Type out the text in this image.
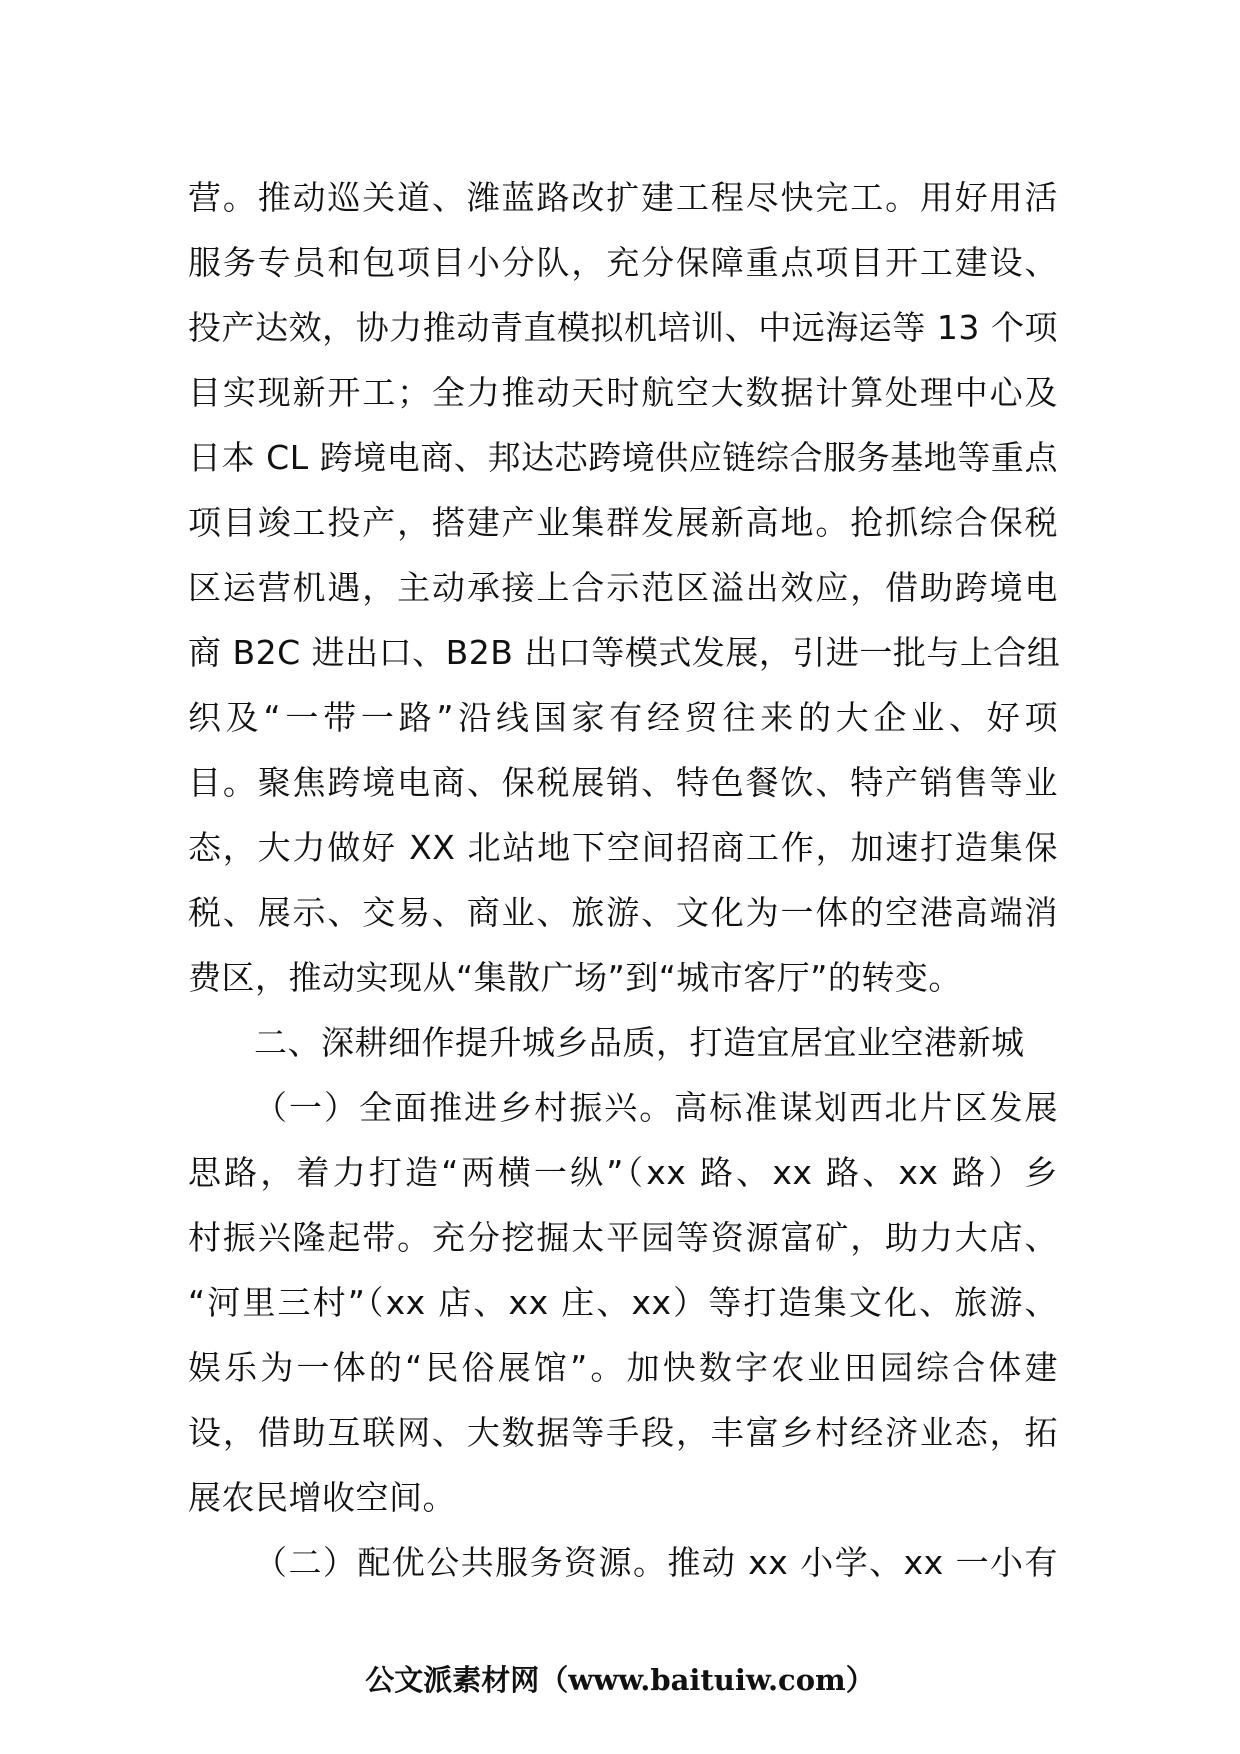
营。推动巡关道、潍蓝路改扩建工程尽快完工。用好用活
服务专员和包项目小分队，充分保障重点项目开工建设、
投产达效，协力推动青直模拟机培训、中远海运等 13 个项
目实现新开工；全力推动天时航空大数据计算处理中心及
日本 CL 跨境电商、邦达芯跨境供应链综合服务基地等重点
项目竣工投产，搭建产业集群发展新高地。抢抓综合保税
区运营机遇，主动承接上合示范区溢出效应，借助跨境电
商 B2C 进出口、B2B 出口等模式发展，引进一批与上合组
织及“一带一路”沿线国家有经贸往来的大企业、好项
目。聚焦跨境电商、保税展销、特色餐饮、特产销售等业
态，大力做好 XX 北站地下空间招商工作，加速打造集保
税、展示、交易、商业、旅游、文化为一体的空港高端消
费区，推动实现从“集散广场”到“城市客厅”的转变。
二、深耕细作提升城乡品质，打造宜居宜业空港新城
（一）全面推进乡村振兴。高标准谋划西北片区发展
思路，着力打造“两横一纵”（xx 路、xx 路、xx 路）乡
村振兴隆起带。充分挖掘太平园等资源富矿，助力大店、
“河里三村”（xx 店、xx 庄、xx）等打造集文化、旅游、
娱乐为一体的“民俗展馆”。加快数字农业田园综合体建
设，借助互联网、大数据等手段，丰富乡村经济业态，拓
展农民增收空间。
（二）配优公共服务资源。推动 xx 小学、xx 一小有
公文派素材网（www.baituiw.com）
